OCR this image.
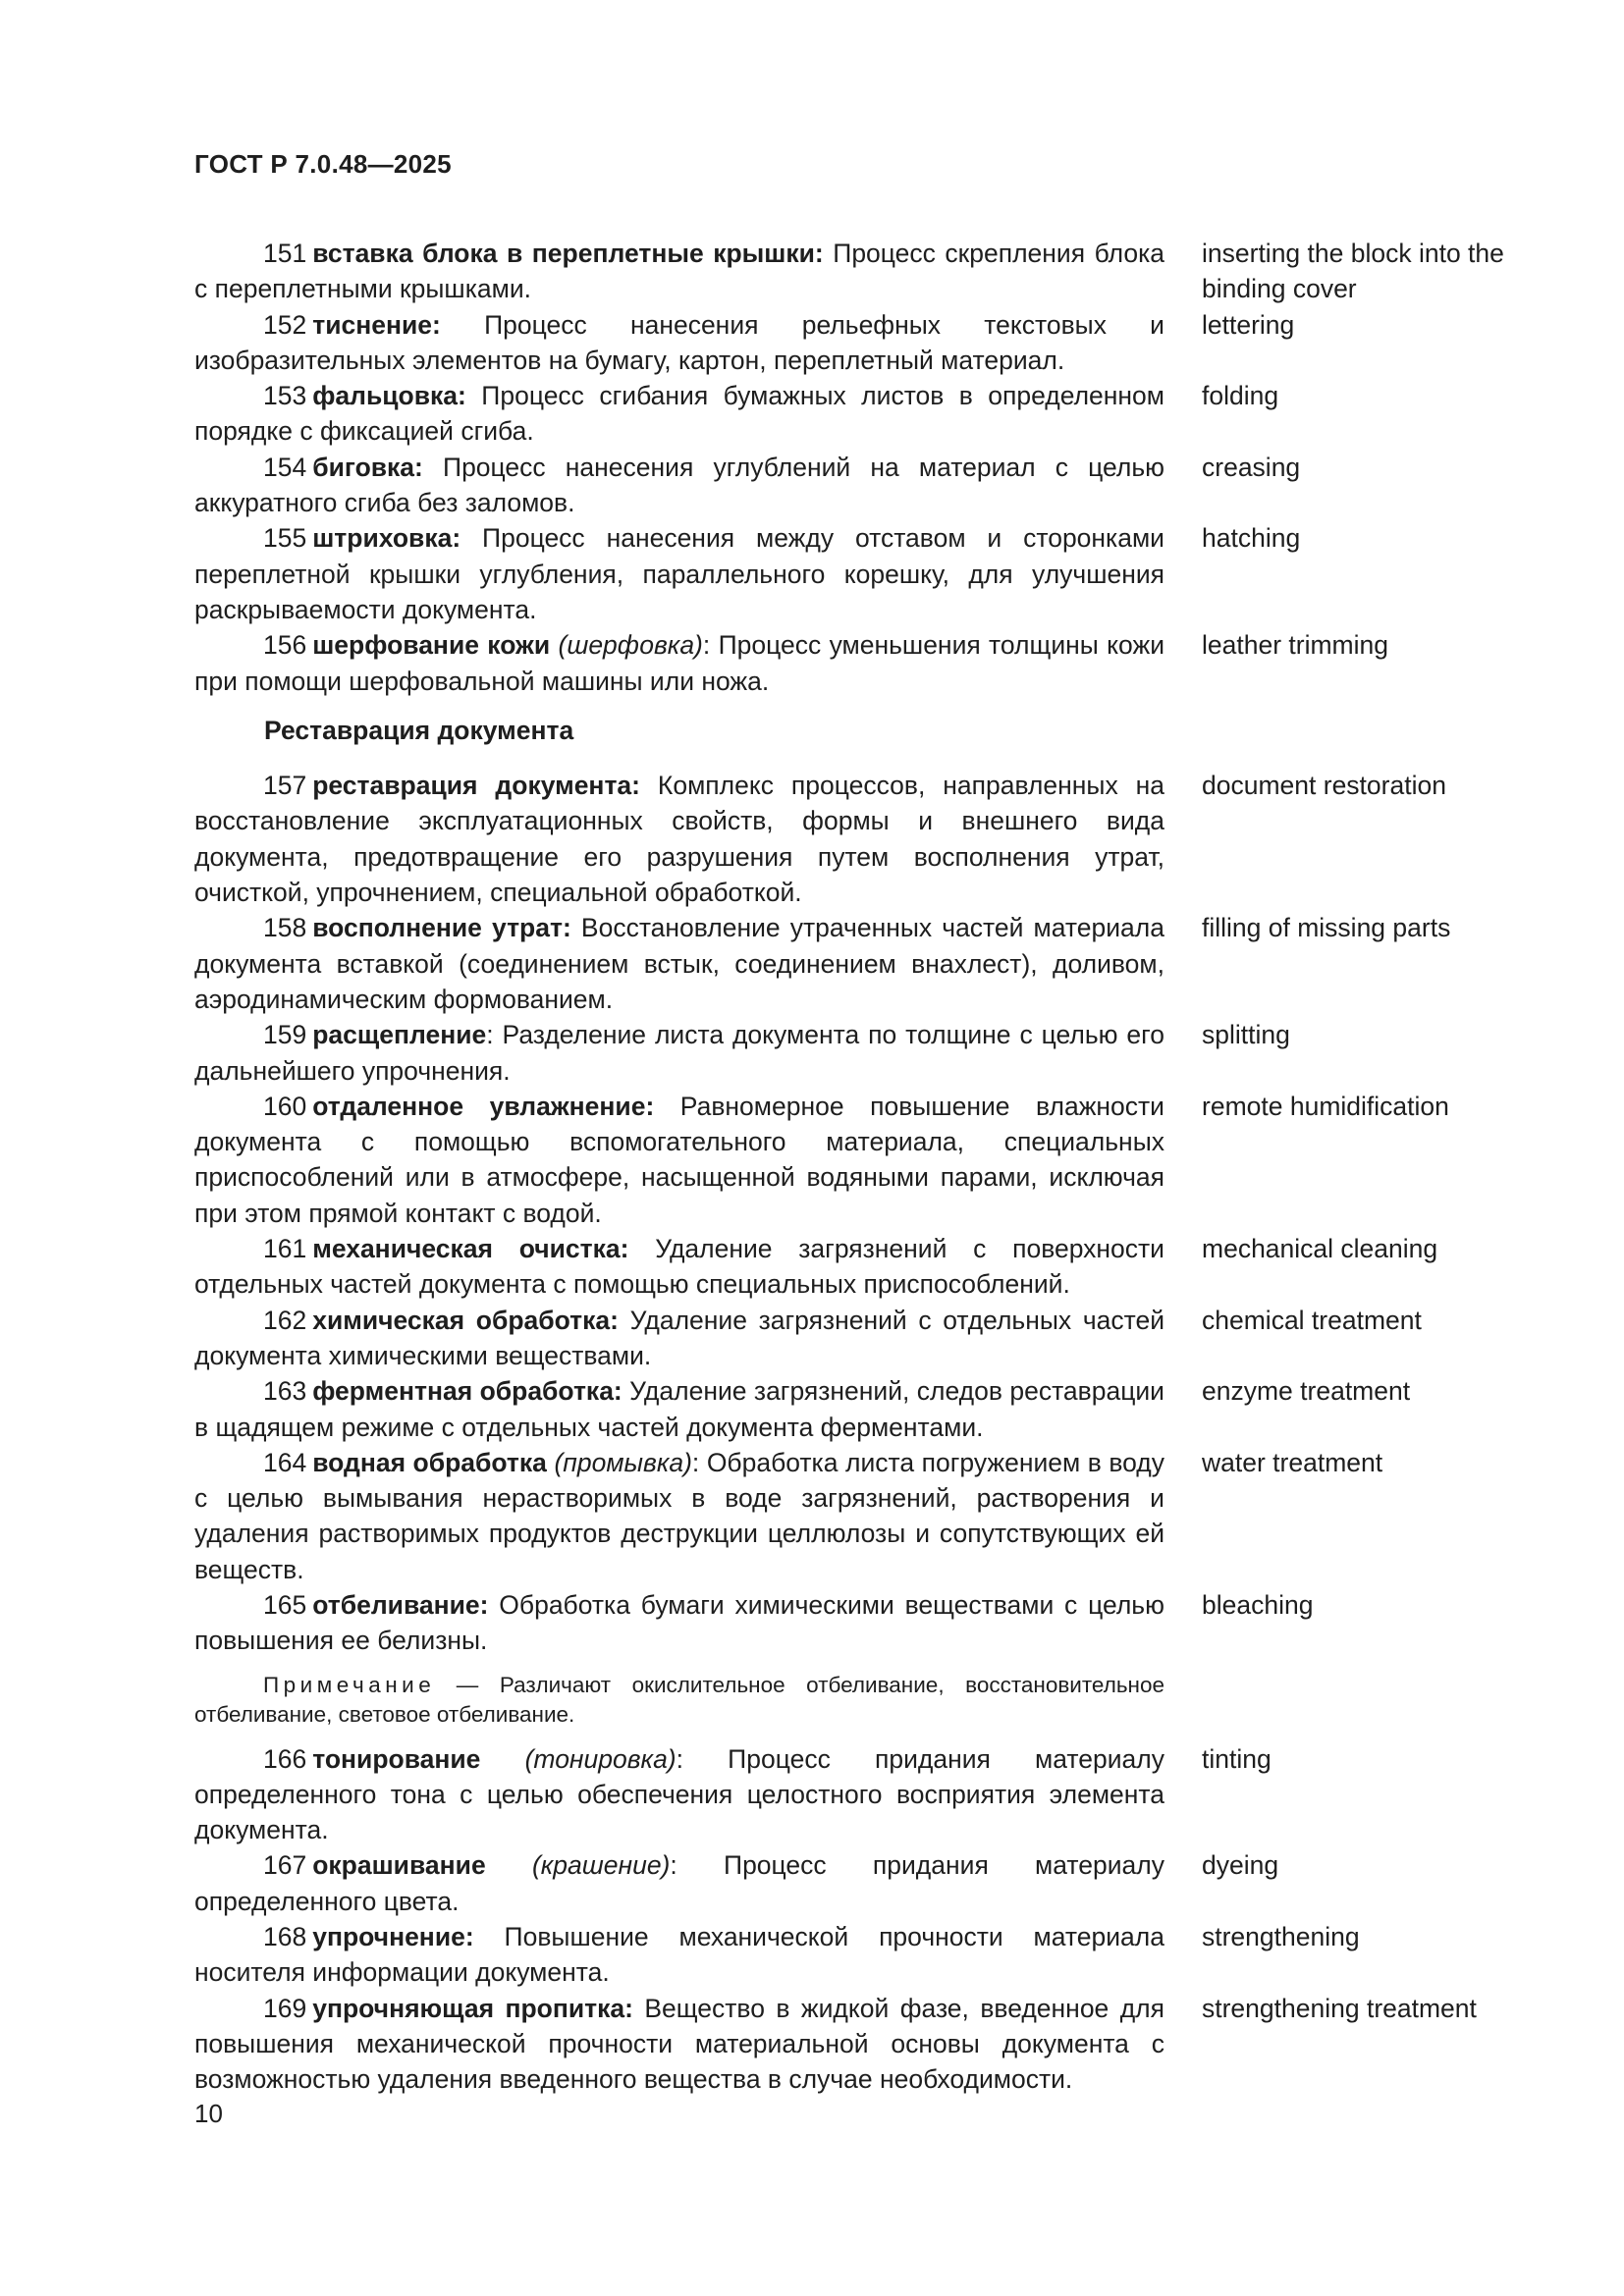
ГОСТ Р 7.0.48—2025
151 вставка блока в переплетные крышки: Процесс скрепления блока с переплетными крышками.
inserting the block into the binding cover
152 тиснение: Процесс нанесения рельефных текстовых и изобразительных элементов на бумагу, картон, переплетный материал.
lettering
153 фальцовка: Процесс сгибания бумажных листов в определенном порядке с фиксацией сгиба.
folding
154 биговка: Процесс нанесения углублений на материал с целью аккуратного сгиба без заломов.
creasing
155 штриховка: Процесс нанесения между отставом и сторонками переплетной крышки углубления, параллельного корешку, для улучшения раскрываемости документа.
hatching
156 шерфование кожи (шерфовка): Процесс уменьшения толщины кожи при помощи шерфовальной машины или ножа.
leather trimming
Реставрация документа
157 реставрация документа: Комплекс процессов, направленных на восстановление эксплуатационных свойств, формы и внешнего вида документа, предотвращение его разрушения путем восполнения утрат, очисткой, упрочнением, специальной обработкой.
document restoration
158 восполнение утрат: Восстановление утраченных частей материала документа вставкой (соединением встык, соединением внахлест), доливом, аэродинамическим формованием.
filling of missing parts
159 расщепление: Разделение листа документа по толщине с целью его дальнейшего упрочнения.
splitting
160 отдаленное увлажнение: Равномерное повышение влажности документа с помощью вспомогательного материала, специальных приспособлений или в атмосфере, насыщенной водяными парами, исключая при этом прямой контакт с водой.
remote humidification
161 механическая очистка: Удаление загрязнений с поверхности отдельных частей документа с помощью специальных приспособлений.
mechanical cleaning
162 химическая обработка: Удаление загрязнений с отдельных частей документа химическими веществами.
chemical treatment
163 ферментная обработка: Удаление загрязнений, следов реставрации в щадящем режиме с отдельных частей документа ферментами.
enzyme treatment
164 водная обработка (промывка): Обработка листа погружением в воду с целью вымывания нерастворимых в воде загрязнений, растворения и удаления растворимых продуктов деструкции целлюлозы и сопутствующих ей веществ.
water treatment
165 отбеливание: Обработка бумаги химическими веществами с целью повышения ее белизны.
bleaching
Примечание — Различают окислительное отбеливание, восстановительное отбеливание, световое отбеливание.
166 тонирование (тонировка): Процесс придания материалу определенного тона с целью обеспечения целостного восприятия элемента документа.
tinting
167 окрашивание (крашение): Процесс придания материалу определенного цвета.
dyeing
168 упрочнение: Повышение механической прочности материала носителя информации документа.
strengthening
169 упрочняющая пропитка: Вещество в жидкой фазе, введенное для повышения механической прочности материальной основы документа с возможностью удаления введенного вещества в случае необходимости.
strengthening treatment
10
